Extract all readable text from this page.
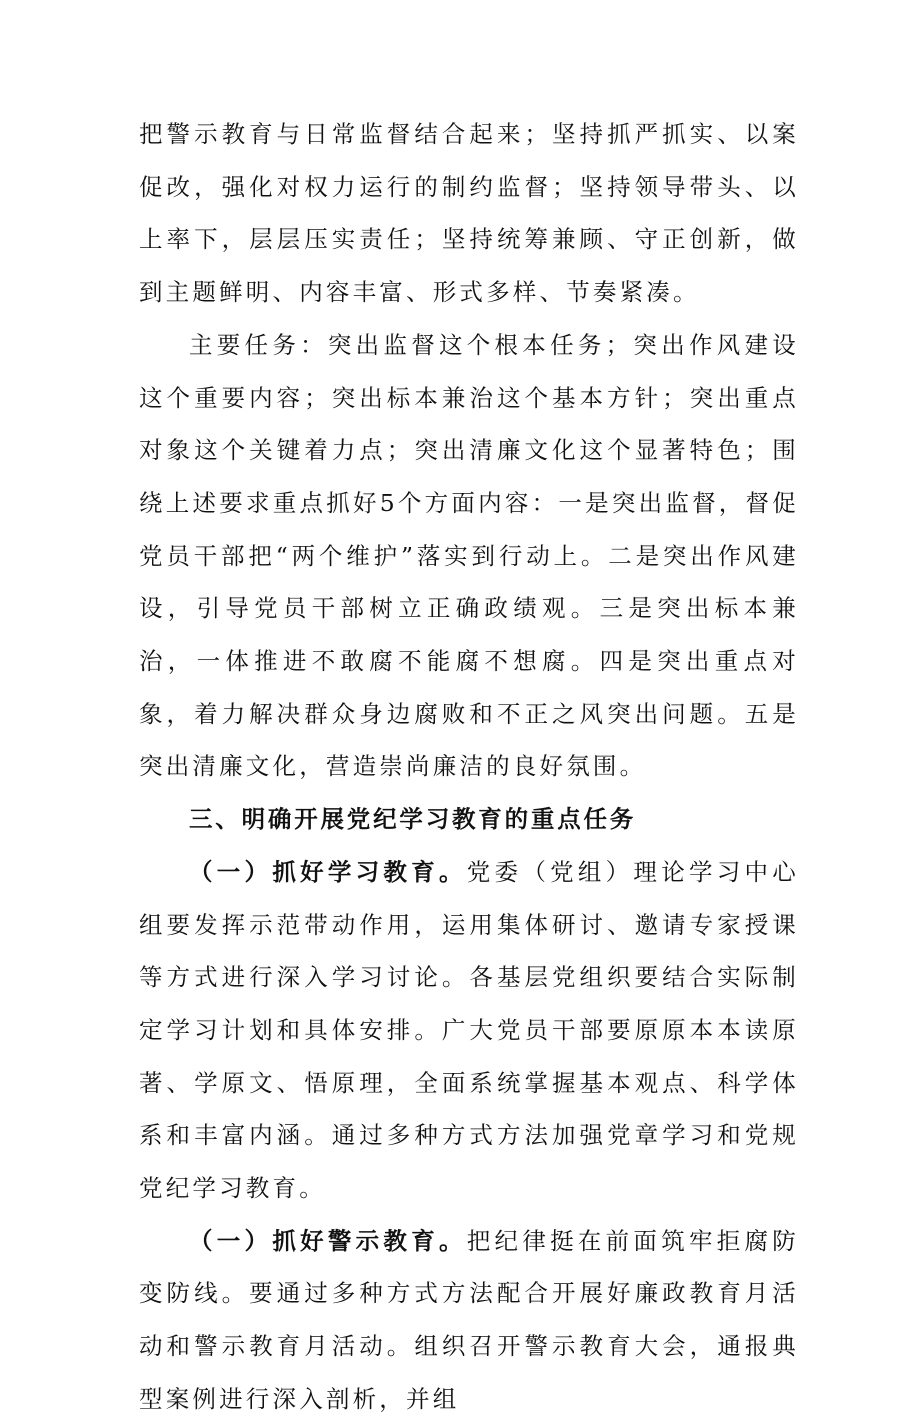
把警示教育与日常监督结合起来；坚持抓严抓实、以案促改，强化对权力运行的制约监督；坚持领导带头、以上率下，层层压实责任；坚持统筹兼顾、守正创新，做到主题鲜明、内容丰富、形式多样、节奏紧凑。

主要任务：突出监督这个根本任务；突出作风建设这个重要内容；突出标本兼治这个基本方针；突出重点对象这个关键着力点；突出清廉文化这个显著特色；围绕上述要求重点抓好5个方面内容：一是突出监督，督促党员干部把“两个维护”落实到行动上。二是突出作风建设，引导党员干部树立正确政绩观。三是突出标本兼治，一体推进不敢腐不能腐不想腐。四是突出重点对象，着力解决群众身边腐败和不正之风突出问题。五是突出清廉文化，营造崇尚廉洁的良好氛围。

三、明确开展党纪学习教育的重点任务

（一）抓好学习教育。党委（党组）理论学习中心组要发挥示范带动作用，运用集体研讨、邀请专家授课等方式进行深入学习讨论。各基层党组织要结合实际制定学习计划和具体安排。广大党员干部要原原本本读原著、学原文、悟原理，全面系统掌握基本观点、科学体系和丰富内涵。通过多种方式方法加强党章学习和党规党纪学习教育。

（一）抓好警示教育。把纪律挺在前面筑牢拒腐防变防线。要通过多种方式方法配合开展好廉政教育月活动和警示教育月活动。组织召开警示教育大会，通报典型案例进行深入剖析，并组
